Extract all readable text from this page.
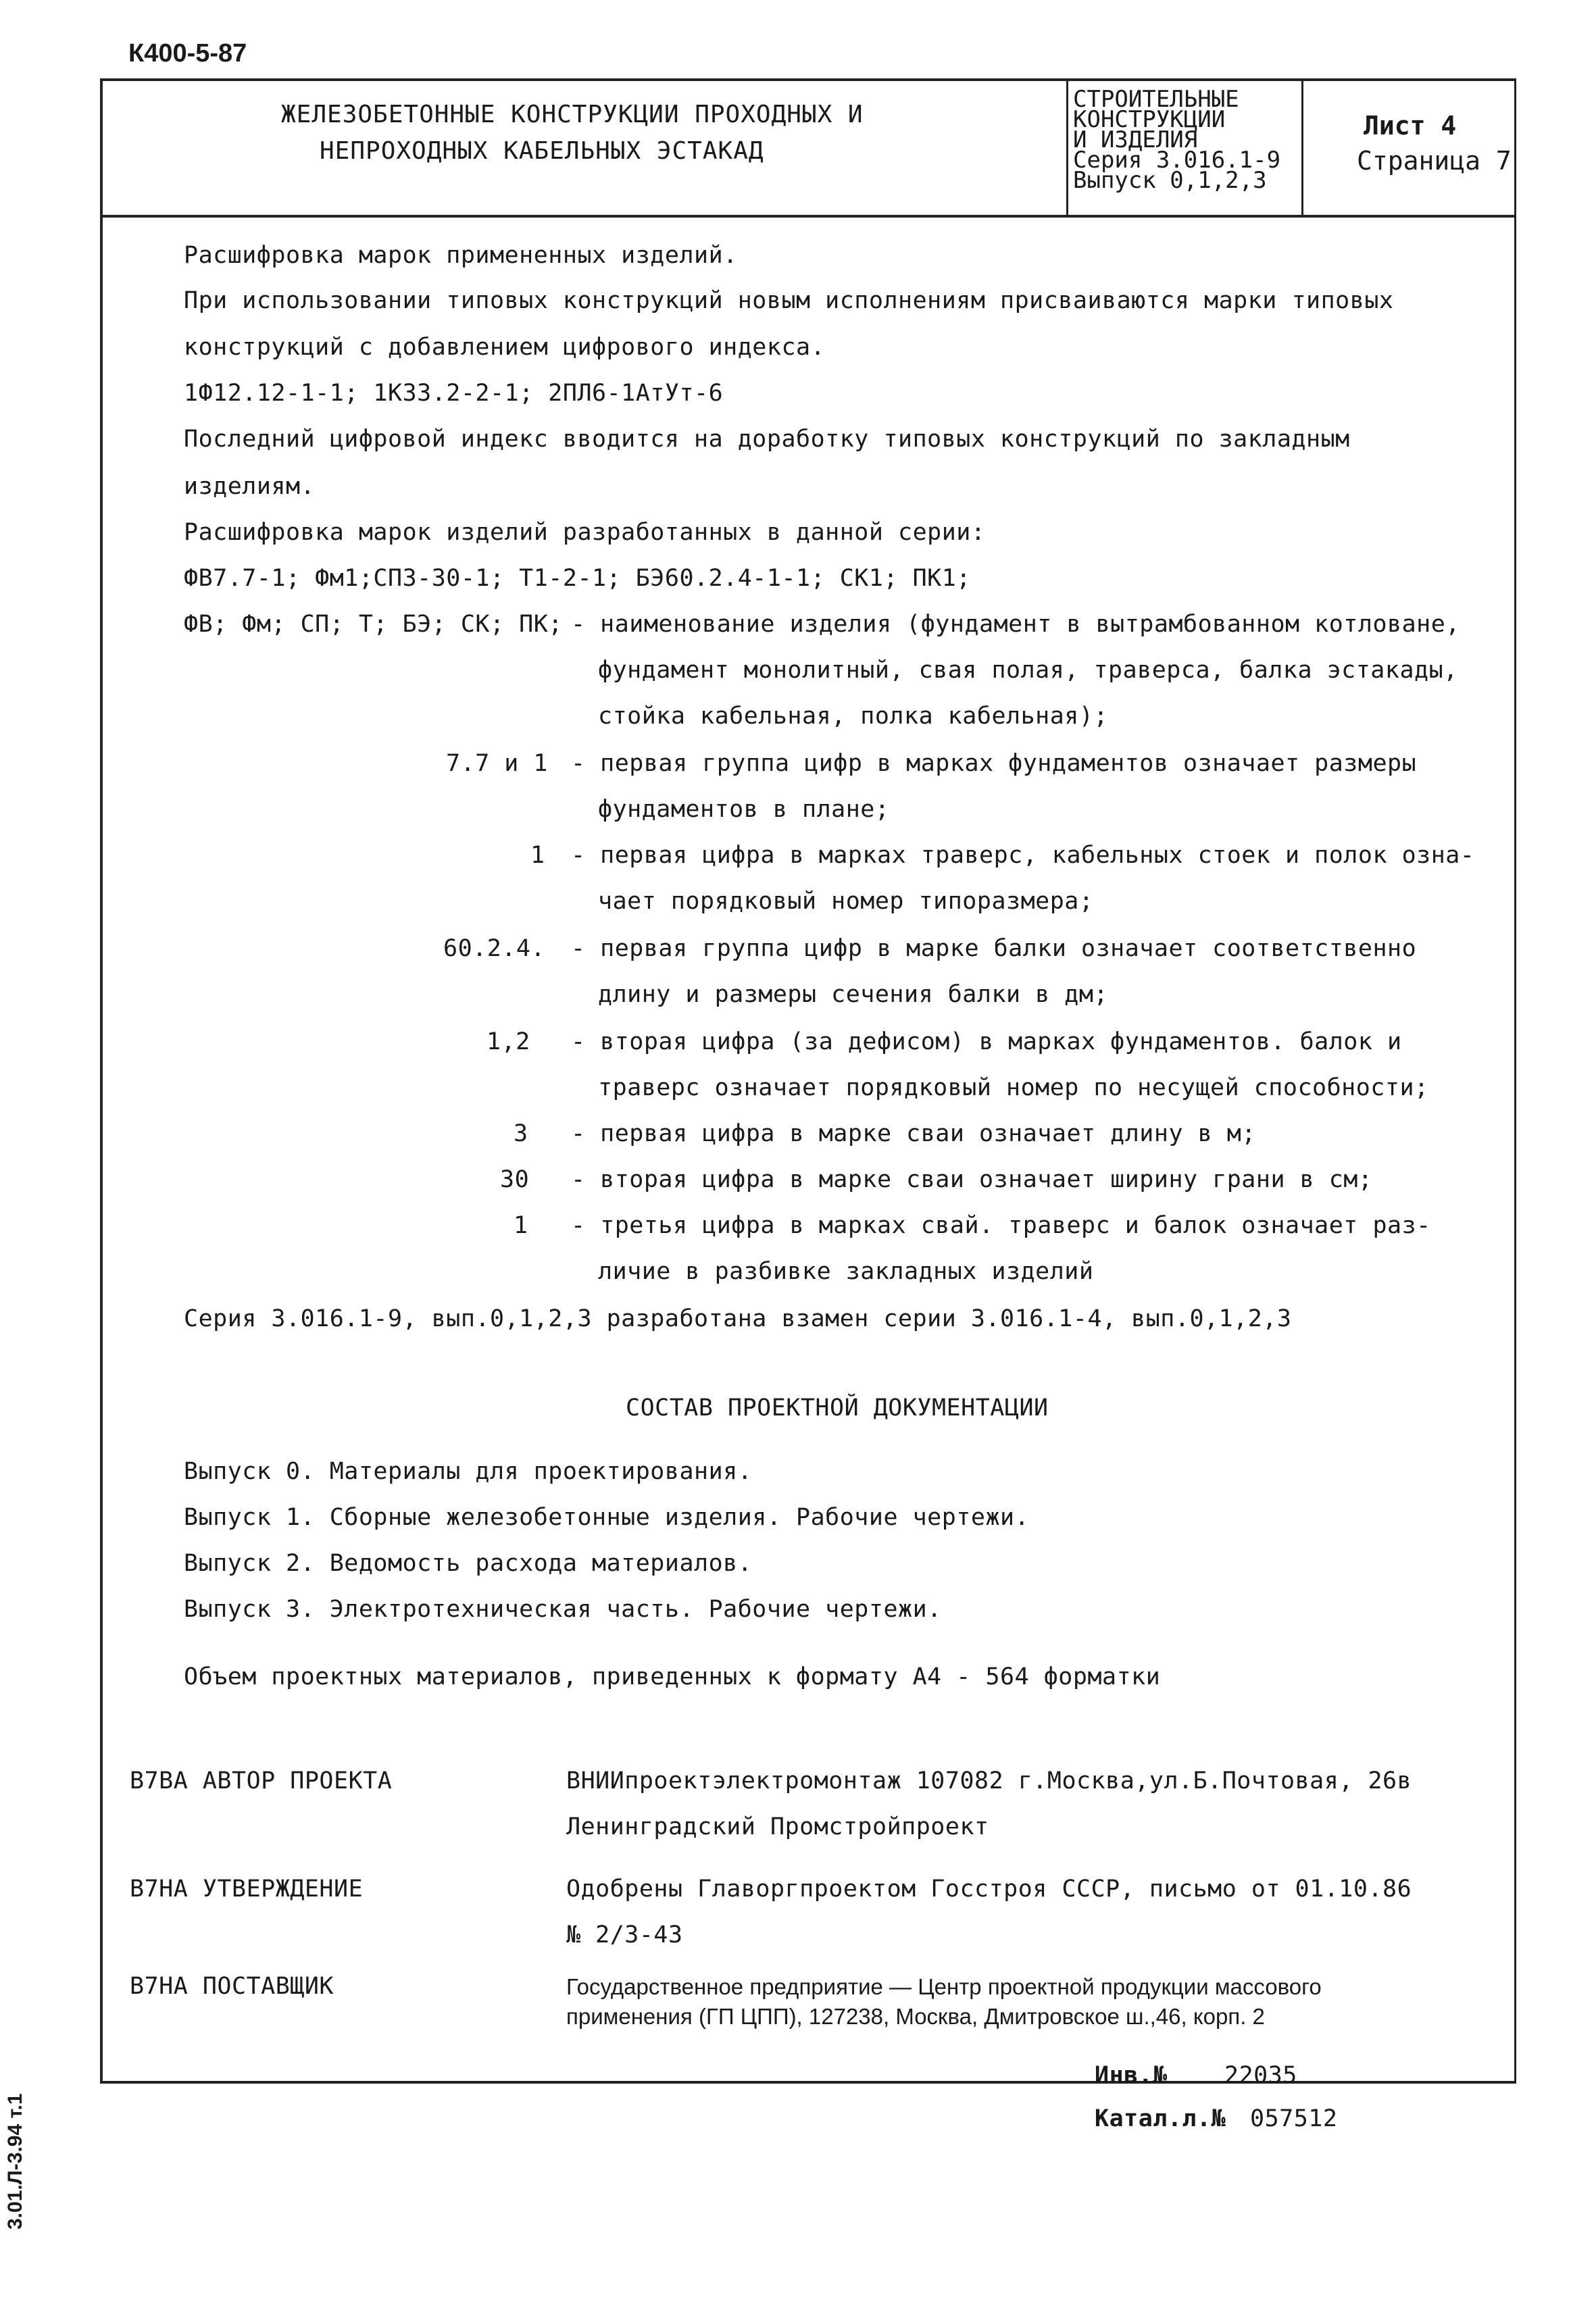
К400-5-87
ЖЕЛЕЗОБЕТОННЫЕ КОНСТРУКЦИИ ПРОХОДНЫХ И
НЕПРОХОДНЫХ КАБЕЛЬНЫХ ЭСТАКАД
СТРОИТЕЛЬНЫЕ
КОНСТРУКЦИИ
И ИЗДЕЛИЯ
Серия 3.016.1-9
Выпуск 0,1,2,3
Лист 4
Страница 7
Расшифровка марок примененных изделий.
При использовании типовых конструкций новым исполнениям присваиваются марки типовых
конструкций с добавлением цифрового индекса.
1Ф12.12-1-1; 1К33.2-2-1; 2ПЛ6-1АтУт-6
Последний цифровой индекс вводится на доработку типовых конструкций по закладным
изделиям.
Расшифровка марок изделий разработанных в данной серии:
ФВ7.7-1; Фм1;СП3-30-1; Т1-2-1; БЭ60.2.4-1-1; СК1; ПК1;
ФВ; Фм; СП; Т; БЭ; СК; ПК; - наименование изделия (фундамент в вытрамбованном котловане,
фундамент монолитный, свая полая, траверса, балка эстакады,
стойка кабельная, полка кабельная);
7.7 и 1 - первая группа цифр в марках фундаментов означает размеры
фундаментов в плане;
1 - первая цифра в марках траверс, кабельных стоек и полок озна-
чает порядковый номер типоразмера;
60.2.4. - первая группа цифр в марке балки означает соответственно
длину и размеры сечения балки в дм;
1,2 - вторая цифра (за дефисом) в марках фундаментов. балок и
траверс означает порядковый номер по несущей способности;
3 - первая цифра в марке сваи означает длину в м;
30 - вторая цифра в марке сваи означает ширину грани в см;
1 - третья цифра в марках свай. траверс и балок означает раз-
личие в разбивке закладных изделий
Серия 3.016.1-9, вып.0,1,2,3 разработана взамен серии 3.016.1-4, вып.0,1,2,3
СОСТАВ ПРОЕКТНОЙ ДОКУМЕНТАЦИИ
Выпуск 0. Материалы для проектирования.
Выпуск 1. Сборные железобетонные изделия. Рабочие чертежи.
Выпуск 2. Ведомость расхода материалов.
Выпуск 3. Электротехническая часть. Рабочие чертежи.
Объем проектных материалов, приведенных к формату А4 - 564 форматки
В7ВА АВТОР ПРОЕКТА	ВНИИпроектэлектромонтаж 107082 г.Москва,ул.Б.Почтовая, 26в
Ленинградский Промстройпроект
В7НА УТВЕРЖДЕНИЕ	Одобрены Главоргпроектом Госстроя СССР, письмо от 01.10.86
№ 2/3-43
В7НА ПОСТАВЩИК	Государственное предприятие — Центр проектной продукции массового
применения (ГП ЦПП), 127238, Москва, Дмитровское ш.,46, корп. 2
Инв.№ 22035
Катал.л.№ 057512
3.01.Л-3.94 т.1
